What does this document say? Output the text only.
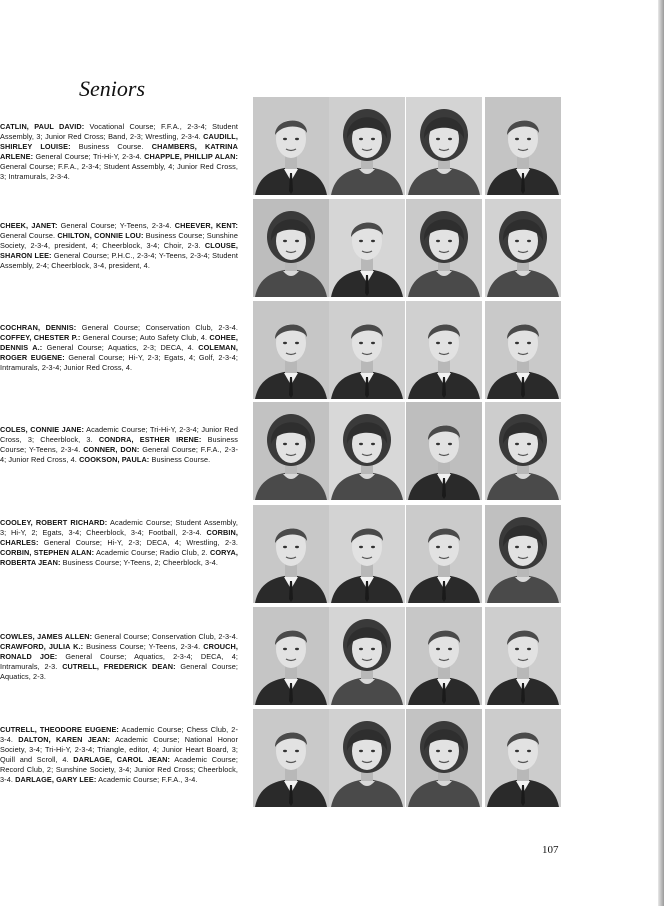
Seniors
CATLIN, PAUL DAVID: Vocational Course; F.F.A., 2-3-4; Student Assembly, 3; Junior Red Cross; Band, 2-3; Wrestling, 2-3-4. CAUDILL, SHIRLEY LOUISE: Business Course. CHAMBERS, KATRINA ARLENE: General Course; Tri-Hi-Y, 2-3-4. CHAPPLE, PHILLIP ALAN: General Course; F.F.A., 2-3-4; Student Assembly, 4; Junior Red Cross, 3; Intramurals, 2-3-4.
CHEEK, JANET: General Course; Y-Teens, 2-3-4. CHEEVER, KENT: General Course. CHILTON, CONNIE LOU: Business Course; Sunshine Society, 2-3-4, president, 4; Cheerblock, 3-4; Choir, 2-3. CLOUSE, SHARON LEE: General Course; P.H.C., 2-3-4; Y-Teens, 2-3-4; Student Assembly, 2-4; Cheerblock, 3-4, president, 4.
COCHRAN, DENNIS: General Course; Conservation Club, 2-3-4. COFFEY, CHESTER P.: General Course; Auto Safety Club, 4. COHEE, DENNIS A.: General Course; Aquatics, 2-3; DECA, 4. COLEMAN, ROGER EUGENE: General Course; Hi-Y, 2-3; Egats, 4; Golf, 2-3-4; Intramurals, 2-3-4; Junior Red Cross, 4.
COLES, CONNIE JANE: Academic Course; Tri-Hi-Y, 2-3-4; Junior Red Cross, 3; Cheerblock, 3. CONDRA, ESTHER IRENE: Business Course; Y-Teens, 2-3-4. CONNER, DON: General Course; F.F.A., 2-3-4; Junior Red Cross, 4. COOKSON, PAULA: Business Course.
COOLEY, ROBERT RICHARD: Academic Course; Student Assembly, 3; Hi-Y, 2; Egats, 3-4; Cheerblock, 3-4; Football, 2-3-4. CORBIN, CHARLES: General Course; Hi-Y, 2-3; DECA, 4; Wrestling, 2-3. CORBIN, STEPHEN ALAN: Academic Course; Radio Club, 2. CORYA, ROBERTA JEAN: Business Course; Y-Teens, 2; Cheerblock, 3-4.
COWLES, JAMES ALLEN: General Course; Conservation Club, 2-3-4. CRAWFORD, JULIA K.: Business Course; Y-Teens, 2-3-4. CROUCH, RONALD JOE: General Course; Aquatics, 2-3-4; DECA, 4; Intramurals, 2-3. CUTRELL, FREDERICK DEAN: General Course; Aquatics, 2-3.
CUTRELL, THEODORE EUGENE: Academic Course; Chess Club, 2-3-4. DALTON, KAREN JEAN: Academic Course; National Honor Society, 3-4; Tri-Hi-Y, 2-3-4; Triangle, editor, 4; Junior Heart Board, 3; Quill and Scroll, 4. DARLAGE, CAROL JEAN: Academic Course; Record Club, 2; Sunshine Society, 3-4; Junior Red Cross; Cheerblock, 3-4. DARLAGE, GARY LEE: Academic Course; F.F.A., 3-4.
107
